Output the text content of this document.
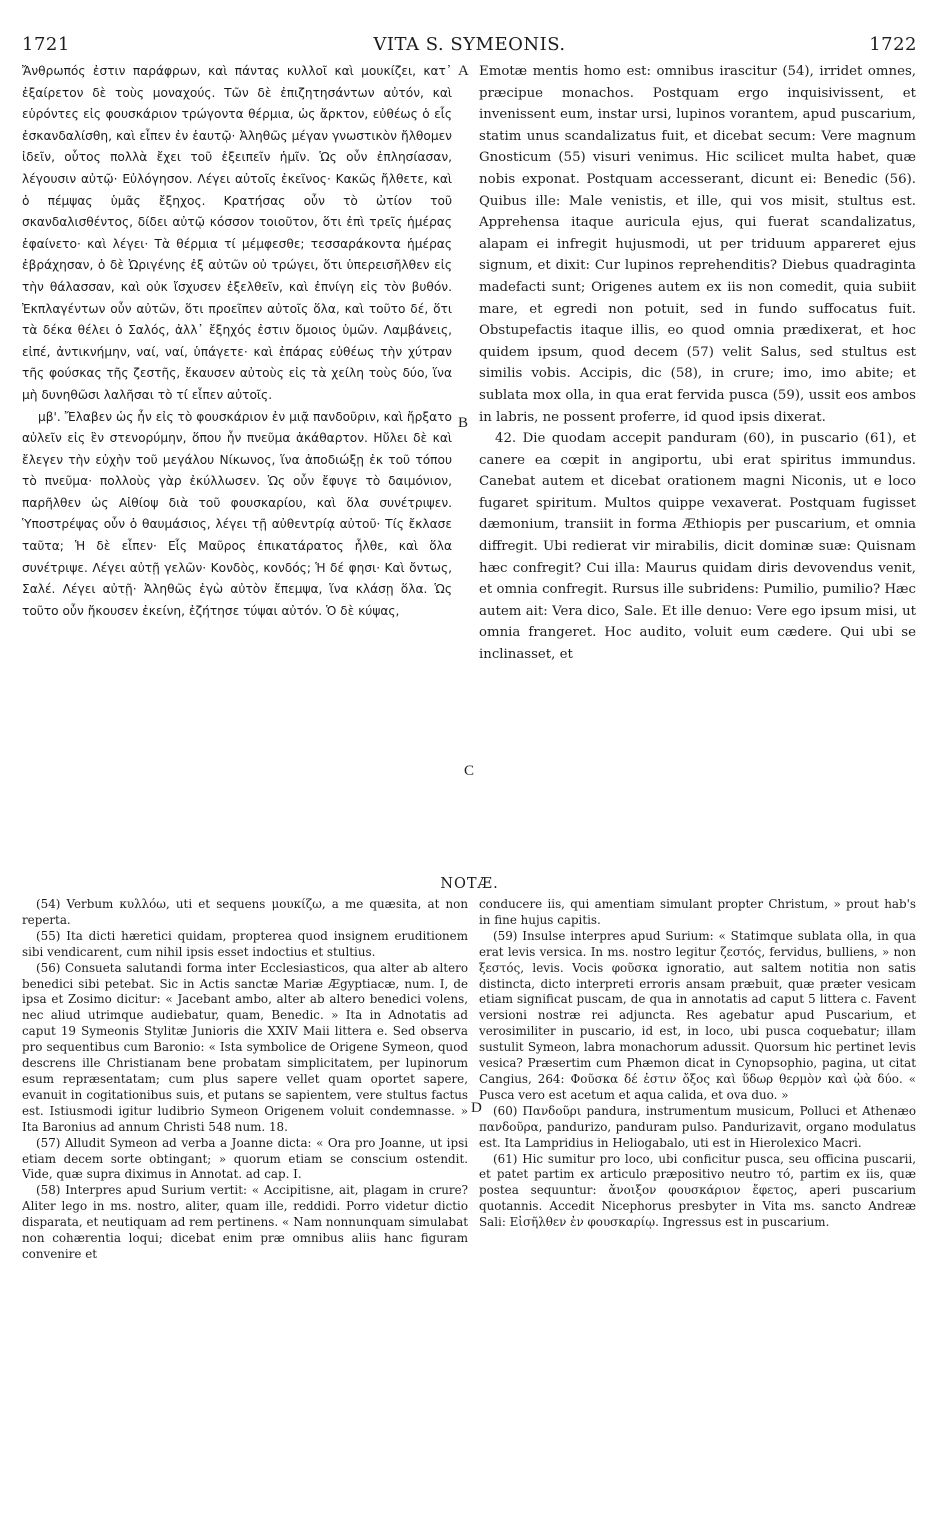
1721	VITA S. SYMEONIS.	1722

Ἄνθρωπός ἐστιν παράφρων, καὶ πάντας κυλλοῖ καὶ μουκίζει, κατ᾽ ἐξαίρετον δὲ τοὺς μοναχούς. Τῶν δὲ ἐπιζητησάντων αὐτόν, καὶ εὑρόντες εἰς φουσκάριον τρώγοντα θέρμια, ὡς ἄρκτον, εὐθέως ὁ εἷς ἐσκανδαλίσθη, καὶ εἶπεν ἐν ἑαυτῷ· Ἀληθῶς μέγαν γνωστικὸν ἤλθομεν ἰδεῖν, οὗτος πολλὰ ἔχει τοῦ ἐξειπεῖν ἡμῖν. Ὡς οὖν ἐπλησίασαν, λέγουσιν αὐτῷ· Εὐλόγησον. Λέγει αὐτοῖς ἐκεῖνος· Κακῶς ἤλθετε, καὶ ὁ πέμψας ὑμᾶς ἔξηχος. Κρατήσας οὖν τὸ ὠτίον τοῦ σκανδαλισθέντος, δίδει αὐτῷ κόσσον τοιοῦτον, ὅτι ἐπὶ τρεῖς ἡμέρας ἐφαίνετο· καὶ λέγει· Τὰ θέρμια τί μέμφεσθε; τεσσαράκοντα ἡμέρας ἐβράχησαν, ὁ δὲ Ὠριγένης ἐξ αὐτῶν οὐ τρώγει, ὅτι ὑπερεισῆλθεν εἰς τὴν θάλασσαν, καὶ οὐκ ἴσχυσεν ἐξελθεῖν, καὶ ἐπνίγη εἰς τὸν βυθόν. Ἐκπλαγέντων οὖν αὐτῶν, ὅτι προεῖπεν αὐτοῖς ὅλα, καὶ τοῦτο δέ, ὅτι τὰ δέκα θέλει ὁ Σαλός, ἀλλ᾽ ἔξηχός ἐστιν ὅμοιος ὑμῶν. Λαμβάνεις, εἰπέ, ἀντικνήμην, ναί, ναί, ὑπάγετε· καὶ ἐπάρας εὐθέως τὴν χύτραν τῆς φούσκας τῆς ζεστῆς, ἔκαυσεν αὐτοὺς εἰς τὰ χείλη τοὺς δύο, ἵνα μὴ δυνηθῶσι λαλῆσαι τὸ τί εἶπεν αὐτοῖς.

μβ'. Ἔλαβεν ὡς ἦν εἰς τὸ φουσκάριον ἐν μιᾷ πανδοῦριν, καὶ ἤρξατο αὐλεῖν εἰς ἓν στενορύμην, ὅπου ἦν πνεῦμα ἀκάθαρτον. Ηὔλει δὲ καὶ ἔλεγεν τὴν εὐχὴν τοῦ μεγάλου Νίκωνος, ἵνα ἀποδιώξῃ ἐκ τοῦ τόπου τὸ πνεῦμα· πολλοὺς γὰρ ἐκύλλωσεν. Ὡς οὖν ἔφυγε τὸ δαιμόνιον, παρῆλθεν ὡς Αἰθίοψ διὰ τοῦ φουσκαρίου, καὶ ὅλα συνέτριψεν. Ὑποστρέψας οὖν ὁ θαυμάσιος, λέγει τῇ αὐθεντρίᾳ αὐτοῦ· Τίς ἔκλασε ταῦτα; Ἡ δὲ εἶπεν· Εἷς Μαῦρος ἐπικατάρατος ἦλθε, καὶ ὅλα συνέτριψε. Λέγει αὐτῇ γελῶν· Κονδὸς, κονδός; Ἡ δέ φησι· Καὶ ὄντως, Σαλέ. Λέγει αὐτῇ· Ἀληθῶς ἐγὼ αὐτὸν ἔπεμψα, ἵνα κλάσῃ ὅλα. Ὡς τοῦτο οὖν ἤκουσεν ἐκείνη, ἐζήτησε τύψαι αὐτόν. Ὁ δὲ κύψας,

A
B
C

Emotæ mentis homo est: omnibus irascitur (54), irridet omnes, præcipue monachos. Postquam ergo inquisivissent, et invenissent eum, instar ursi, lupinos vorantem, apud puscarium, statim unus scandalizatus fuit, et dicebat secum: Vere magnum Gnosticum (55) visuri venimus. Hic scilicet multa habet, quæ nobis exponat. Postquam accesserant, dicunt ei: Benedic (56). Quibus ille: Male venistis, et ille, qui vos misit, stultus est. Apprehensa itaque auricula ejus, qui fuerat scandalizatus, alapam ei infregit hujusmodi, ut per triduum appareret ejus signum, et dixit: Cur lupinos reprehenditis? Diebus quadraginta madefacti sunt; Origenes autem ex iis non comedit, quia subiit mare, et egredi non potuit, sed in fundo suffocatus fuit. Obstupefactis itaque illis, eo quod omnia prædixerat, et hoc quidem ipsum, quod decem (57) velit Salus, sed stultus est similis vobis. Accipis, dic (58), in crure; imo, imo abite; et sublata mox olla, in qua erat fervida pusca (59), ussit eos ambos in labris, ne possent proferre, id quod ipsis dixerat.

42. Die quodam accepit panduram (60), in puscario (61), et canere ea cœpit in angiportu, ubi erat spiritus immundus. Canebat autem et dicebat orationem magni Niconis, ut e loco fugaret spiritum. Multos quippe vexaverat. Postquam fugisset dæmonium, transiit in forma Æthiopis per puscarium, et omnia diffregit. Ubi redierat vir mirabilis, dicit dominæ suæ: Quisnam hæc confregit? Cui illa: Maurus quidam diris devovendus venit, et omnia confregit. Rursus ille subridens: Pumilio, pumilio? Hæc autem ait: Vera dico, Sale. Et ille denuo: Vere ego ipsum misi, ut omnia frangeret. Hoc audito, voluit eum cædere. Qui ubi se inclinasset, et

NOTÆ.

(54) Verbum κυλλόω, uti et sequens μουκίζω, a me quæsita, at non reperta.

(55) Ita dicti hæretici quidam, propterea quod insignem eruditionem sibi vendicarent, cum nihil ipsis esset indoctius et stultius.

(56) Consueta salutandi forma inter Ecclesiasticos, qua alter ab altero benedici sibi petebat. Sic in Actis sanctæ Mariæ Ægyptiacæ, num. I, de ipsa et Zosimo dicitur: « Jacebant ambo, alter ab altero benedici volens, nec aliud utrimque audiebatur, quam, Benedic. » Ita in Adnotatis ad caput 19 Symeonis Stylitæ Junioris die XXIV Maii littera e. Sed observa pro sequentibus cum Baronio: « Ista symbolice de Origene Symeon, quod descrens ille Christianam bene probatam simplicitatem, per lupinorum esum repræsentatam; cum plus sapere vellet quam oportet sapere, evanuit in cogitationibus suis, et putans se sapientem, vere stultus factus est. Istiusmodi igitur ludibrio Symeon Origenem voluit condemnasse. » Ita Baronius ad annum Christi 548 num. 18.

(57) Alludit Symeon ad verba a Joanne dicta: « Ora pro Joanne, ut ipsi etiam decem sorte obtingant; » quorum etiam se conscium ostendit. Vide, quæ supra diximus in Annotat. ad cap. I.

(58) Interpres apud Surium vertit: « Accipitisne, ait, plagam in crure? Aliter lego in ms. nostro, aliter, quam ille, reddidi. Porro videtur dictio disparata, et neutiquam ad rem pertinens. « Nam nonnunquam simulabat non cohærentia loqui; dicebat enim præ omnibus aliis hanc figuram convenire et

D

conducere iis, qui amentiam simulant propter Christum, » prout hab's in fine hujus capitis.

(59) Insulse interpres apud Surium: « Statimque sublata olla, in qua erat levis versica. In ms. nostro legitur ζεστός, fervidus, bulliens, » non ξεστός, levis. Vocis φοῦσκα ignoratio, aut saltem notitia non satis distincta, dicto interpreti erroris ansam præbuit, quæ præter vesicam etiam significat puscam, de qua in annotatis ad caput 5 littera c. Favent versioni nostræ rei adjuncta. Res agebatur apud Puscarium, et verosimiliter in puscario, id est, in loco, ubi pusca coquebatur; illam sustulit Symeon, labra monachorum adussit. Quorsum hic pertinet levis vesica? Præsertim cum Phæmon dicat in Cynopsophio, pagina, ut citat Cangius, 264: Φοῦσκα δέ ἐστιν ὄξος καὶ ὕδωρ θερμὸν καὶ ᾠὰ δύο. « Pusca vero est acetum et aqua calida, et ova duo. »

(60) Πανδοῦρι pandura, instrumentum musicum, Polluci et Athenæo πανδοῦρα, pandurizo, panduram pulso. Pandurizavit, organo modulatus est. Ita Lampridius in Heliogabalo, uti est in Hierolexico Macri.

(61) Hic sumitur pro loco, ubi conficitur pusca, seu officina puscarii, et patet partim ex articulo præpositivo neutro τό, partim ex iis, quæ postea sequuntur: ἄνοιξον φουσκάριον ἔφετος, aperi puscarium quotannis. Accedit Nicephorus presbyter in Vita ms. sancto Andreæ Sali: Εἰσῆλθεν ἐν φουσκαρίῳ. Ingressus est in puscarium.
